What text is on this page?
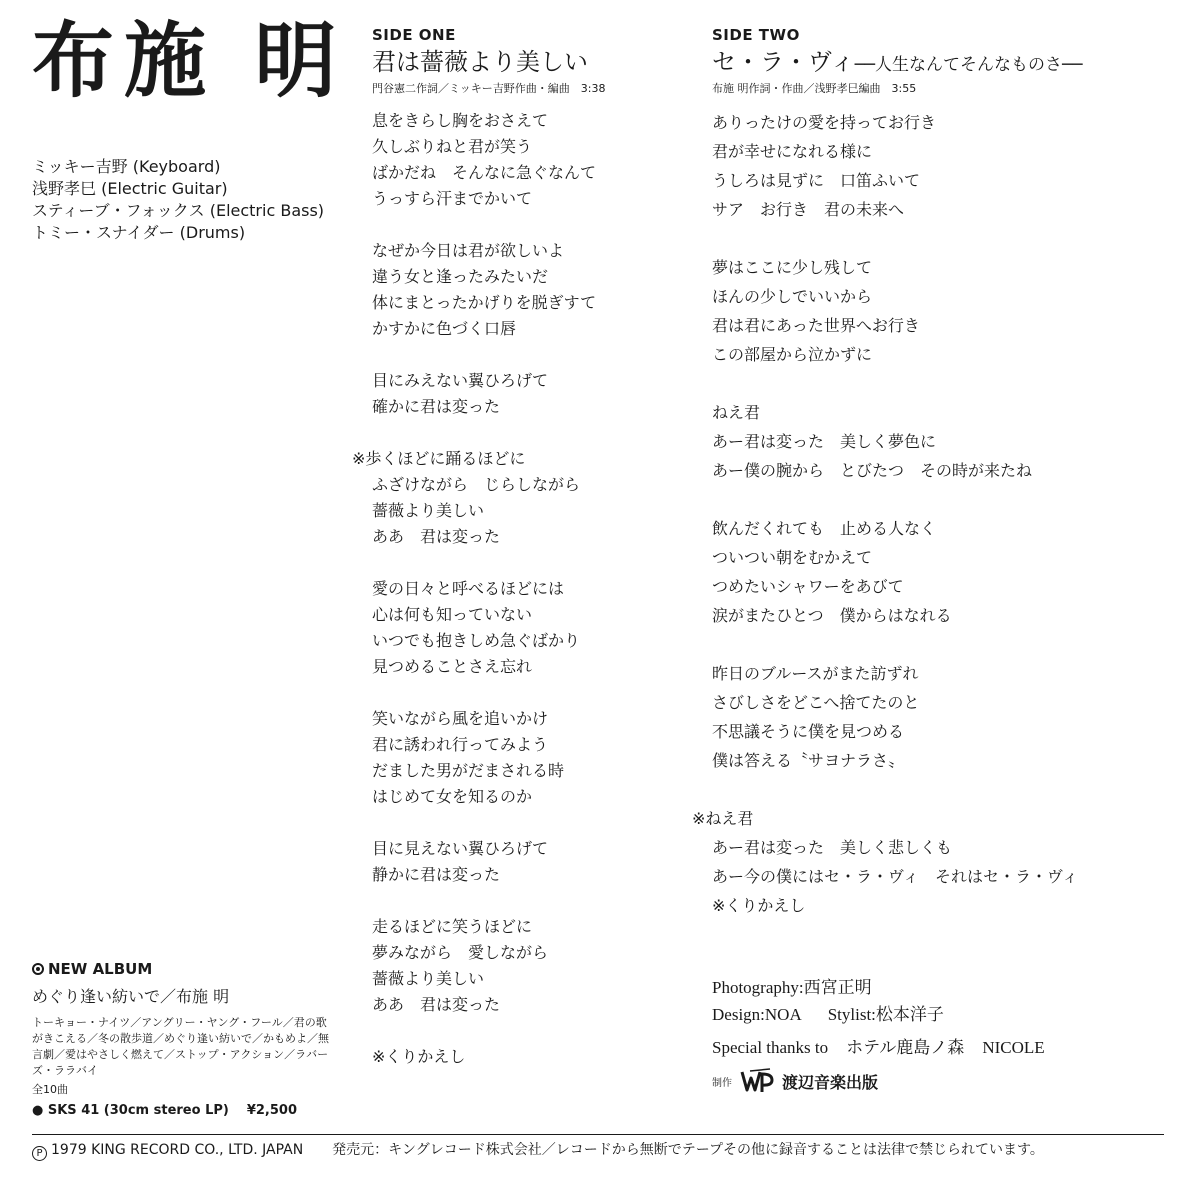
布施 明
ミッキー吉野 (Keyboard)
浅野孝巳 (Electric Guitar)
スティーブ・フォックス (Electric Bass)
トミー・スナイダー (Drums)
SIDE ONE
君は薔薇より美しい
門谷憲二作詞／ミッキー吉野作曲・編曲　3:38
息をきらし胸をおさえて
久しぶりねと君が笑う
ばかだね　そんなに急ぐなんて
うっすら汗までかいて
なぜか今日は君が欲しいよ
違う女と逢ったみたいだ
体にまとったかげりを脱ぎすて
かすかに色づく口唇
目にみえない翼ひろげて
確かに君は変った
※歩くほどに踊るほどに
ふざけながら　じらしながら
薔薇より美しい
ああ　君は変った
愛の日々と呼べるほどには
心は何も知っていない
いつでも抱きしめ急ぐばかり
見つめることさえ忘れ
笑いながら風を追いかけ
君に誘われ行ってみよう
だました男がだまされる時
はじめて女を知るのか
目に見えない翼ひろげて
静かに君は変った
走るほどに笑うほどに
夢みながら　愛しながら
薔薇より美しい
ああ　君は変った
※くりかえし
SIDE TWO
セ・ラ・ヴィ──人生なんてそんなものさ──
布施 明作詞・作曲／浅野孝巳編曲　3:55
ありったけの愛を持ってお行き
君が幸せになれる様に
うしろは見ずに　口笛ふいて
サア　お行き　君の未来へ
夢はここに少し残して
ほんの少しでいいから
君は君にあった世界へお行き
この部屋から泣かずに
ねえ君
あー君は変った　美しく夢色に
あー僕の腕から　とびたつ　その時が来たね
飲んだくれても　止める人なく
ついつい朝をむかえて
つめたいシャワーをあびて
涙がまたひとつ　僕からはなれる
昨日のブルースがまた訪ずれ
さびしさをどこへ捨てたのと
不思議そうに僕を見つめる
僕は答える〝サヨナラさ〟
※ねえ君
あー君は変った　美しく悲しくも
あー今の僕にはセ・ラ・ヴィ　それはセ・ラ・ヴィ
※くりかえし
NEW ALBUM
めぐり逢い紡いで／布施 明
トーキョー・ナイツ／アングリー・ヤング・フール／君の歌がきこえる／冬の散歩道／めぐり逢い紡いで／かもめよ／無言劇／愛はやさしく燃えて／ストップ・アクション／ラバーズ・ララバイ
全10曲
● SKS 41 (30cm stereo LP) ¥2,500
Photography:西宮正明
Design:NOA Stylist:松本洋子
Special thanks to ホテル鹿島ノ森 NICOLE
制作	渡辺音楽出版
P 1979 KING RECORD CO., LTD. JAPAN 発売元：キングレコード株式会社／レコードから無断でテープその他に録音することは法律で禁じられています。
